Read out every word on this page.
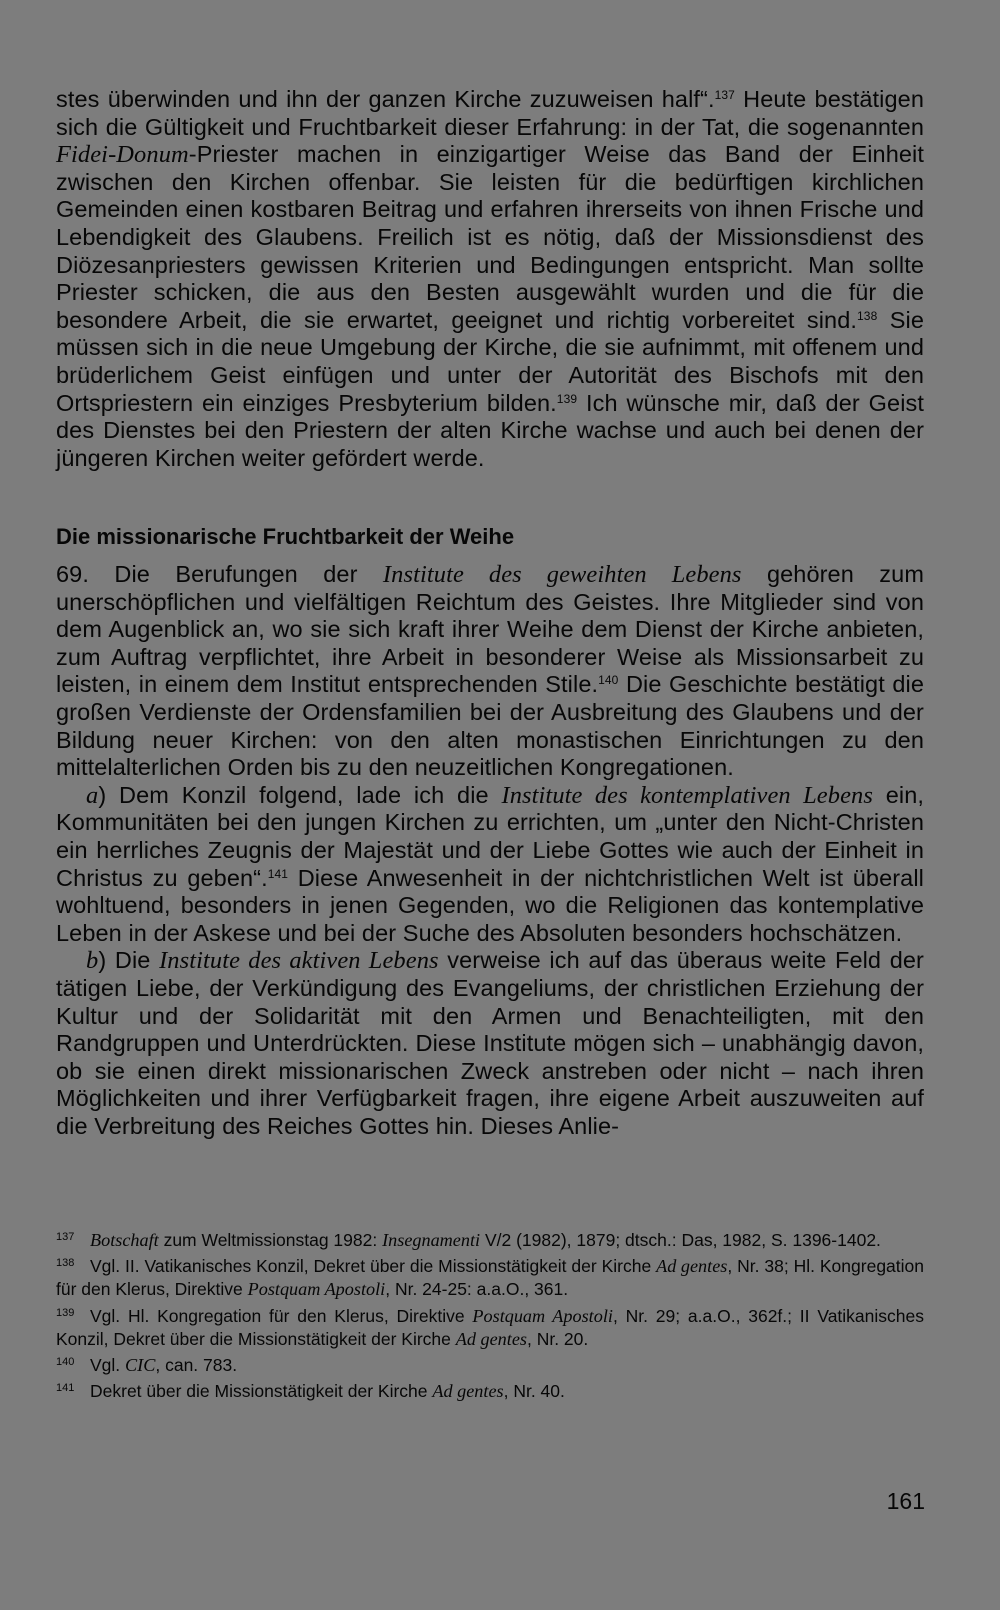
stes überwinden und ihn der ganzen Kirche zuzuweisen half“.$^{137}$ Heute bestätigen sich die Gültigkeit und Fruchtbarkeit dieser Erfahrung: in der Tat, die sogenannten Fidei-Donum-Priester machen in einzigartiger Weise das Band der Einheit zwischen den Kirchen offenbar. Sie leisten für die bedürftigen kirchlichen Gemeinden einen kostbaren Beitrag und erfahren ihrerseits von ihnen Frische und Lebendigkeit des Glaubens. Freilich ist es nötig, daß der Missionsdienst des Diözesanpriesters gewissen Kriterien und Bedingungen entspricht. Man sollte Priester schicken, die aus den Besten ausgewählt wurden und die für die besondere Arbeit, die sie erwartet, geeignet und richtig vorbereitet sind.$^{138}$ Sie müssen sich in die neue Umgebung der Kirche, die sie aufnimmt, mit offenem und brüderlichem Geist einfügen und unter der Autorität des Bischofs mit den Ortspriestern ein einziges Presbyterium bilden.$^{139}$ Ich wünsche mir, daß der Geist des Dienstes bei den Priestern der alten Kirche wachse und auch bei denen der jüngeren Kirchen weiter gefördert werde.

Die missionarische Fruchtbarkeit der Weihe

69. Die Berufungen der Institute des geweihten Lebens gehören zum unerschöpflichen und vielfältigen Reichtum des Geistes. Ihre Mitglieder sind von dem Augenblick an, wo sie sich kraft ihrer Weihe dem Dienst der Kirche anbieten, zum Auftrag verpflichtet, ihre Arbeit in besonderer Weise als Missionsarbeit zu leisten, in einem dem Institut entsprechenden Stile.$^{140}$ Die Geschichte bestätigt die großen Verdienste der Ordensfamilien bei der Ausbreitung des Glaubens und der Bildung neuer Kirchen: von den alten monastischen Einrichtungen zu den mittelalterlichen Orden bis zu den neuzeitlichen Kongregationen.

a) Dem Konzil folgend, lade ich die Institute des kontemplativen Lebens ein, Kommunitäten bei den jungen Kirchen zu errichten, um „unter den Nicht-Christen ein herrliches Zeugnis der Majestät und der Liebe Gottes wie auch der Einheit in Christus zu geben“.$^{141}$ Diese Anwesenheit in der nichtchristlichen Welt ist überall wohltuend, besonders in jenen Gegenden, wo die Religionen das kontemplative Leben in der Askese und bei der Suche des Absoluten besonders hochschätzen.

b) Die Institute des aktiven Lebens verweise ich auf das überaus weite Feld der tätigen Liebe, der Verkündigung des Evangeliums, der christlichen Erziehung der Kultur und der Solidarität mit den Armen und Benachteiligten, mit den Randgruppen und Unterdrückten. Diese Institute mögen sich – unabhängig davon, ob sie einen direkt missionarischen Zweck anstreben oder nicht – nach ihren Möglichkeiten und ihrer Verfügbarkeit fragen, ihre eigene Arbeit auszuweiten auf die Verbreitung des Reiches Gottes hin. Dieses Anlie-

137 Botschaft zum Weltmissionstag 1982: Insegnamenti V/2 (1982), 1879; dtsch.: Das, 1982, S. 1396-1402.

138 Vgl. II. Vatikanisches Konzil, Dekret über die Missionstätigkeit der Kirche Ad gentes, Nr. 38; Hl. Kongregation für den Klerus, Direktive Postquam Apostoli, Nr. 24-25: a.a.O., 361.

139 Vgl. Hl. Kongregation für den Klerus, Direktive Postquam Apostoli, Nr. 29; a.a.O., 362f.; II Vatikanisches Konzil, Dekret über die Missionstätigkeit der Kirche Ad gentes, Nr. 20.

140 Vgl. CIC, can. 783.

141 Dekret über die Missionstätigkeit der Kirche Ad gentes, Nr. 40.

161
